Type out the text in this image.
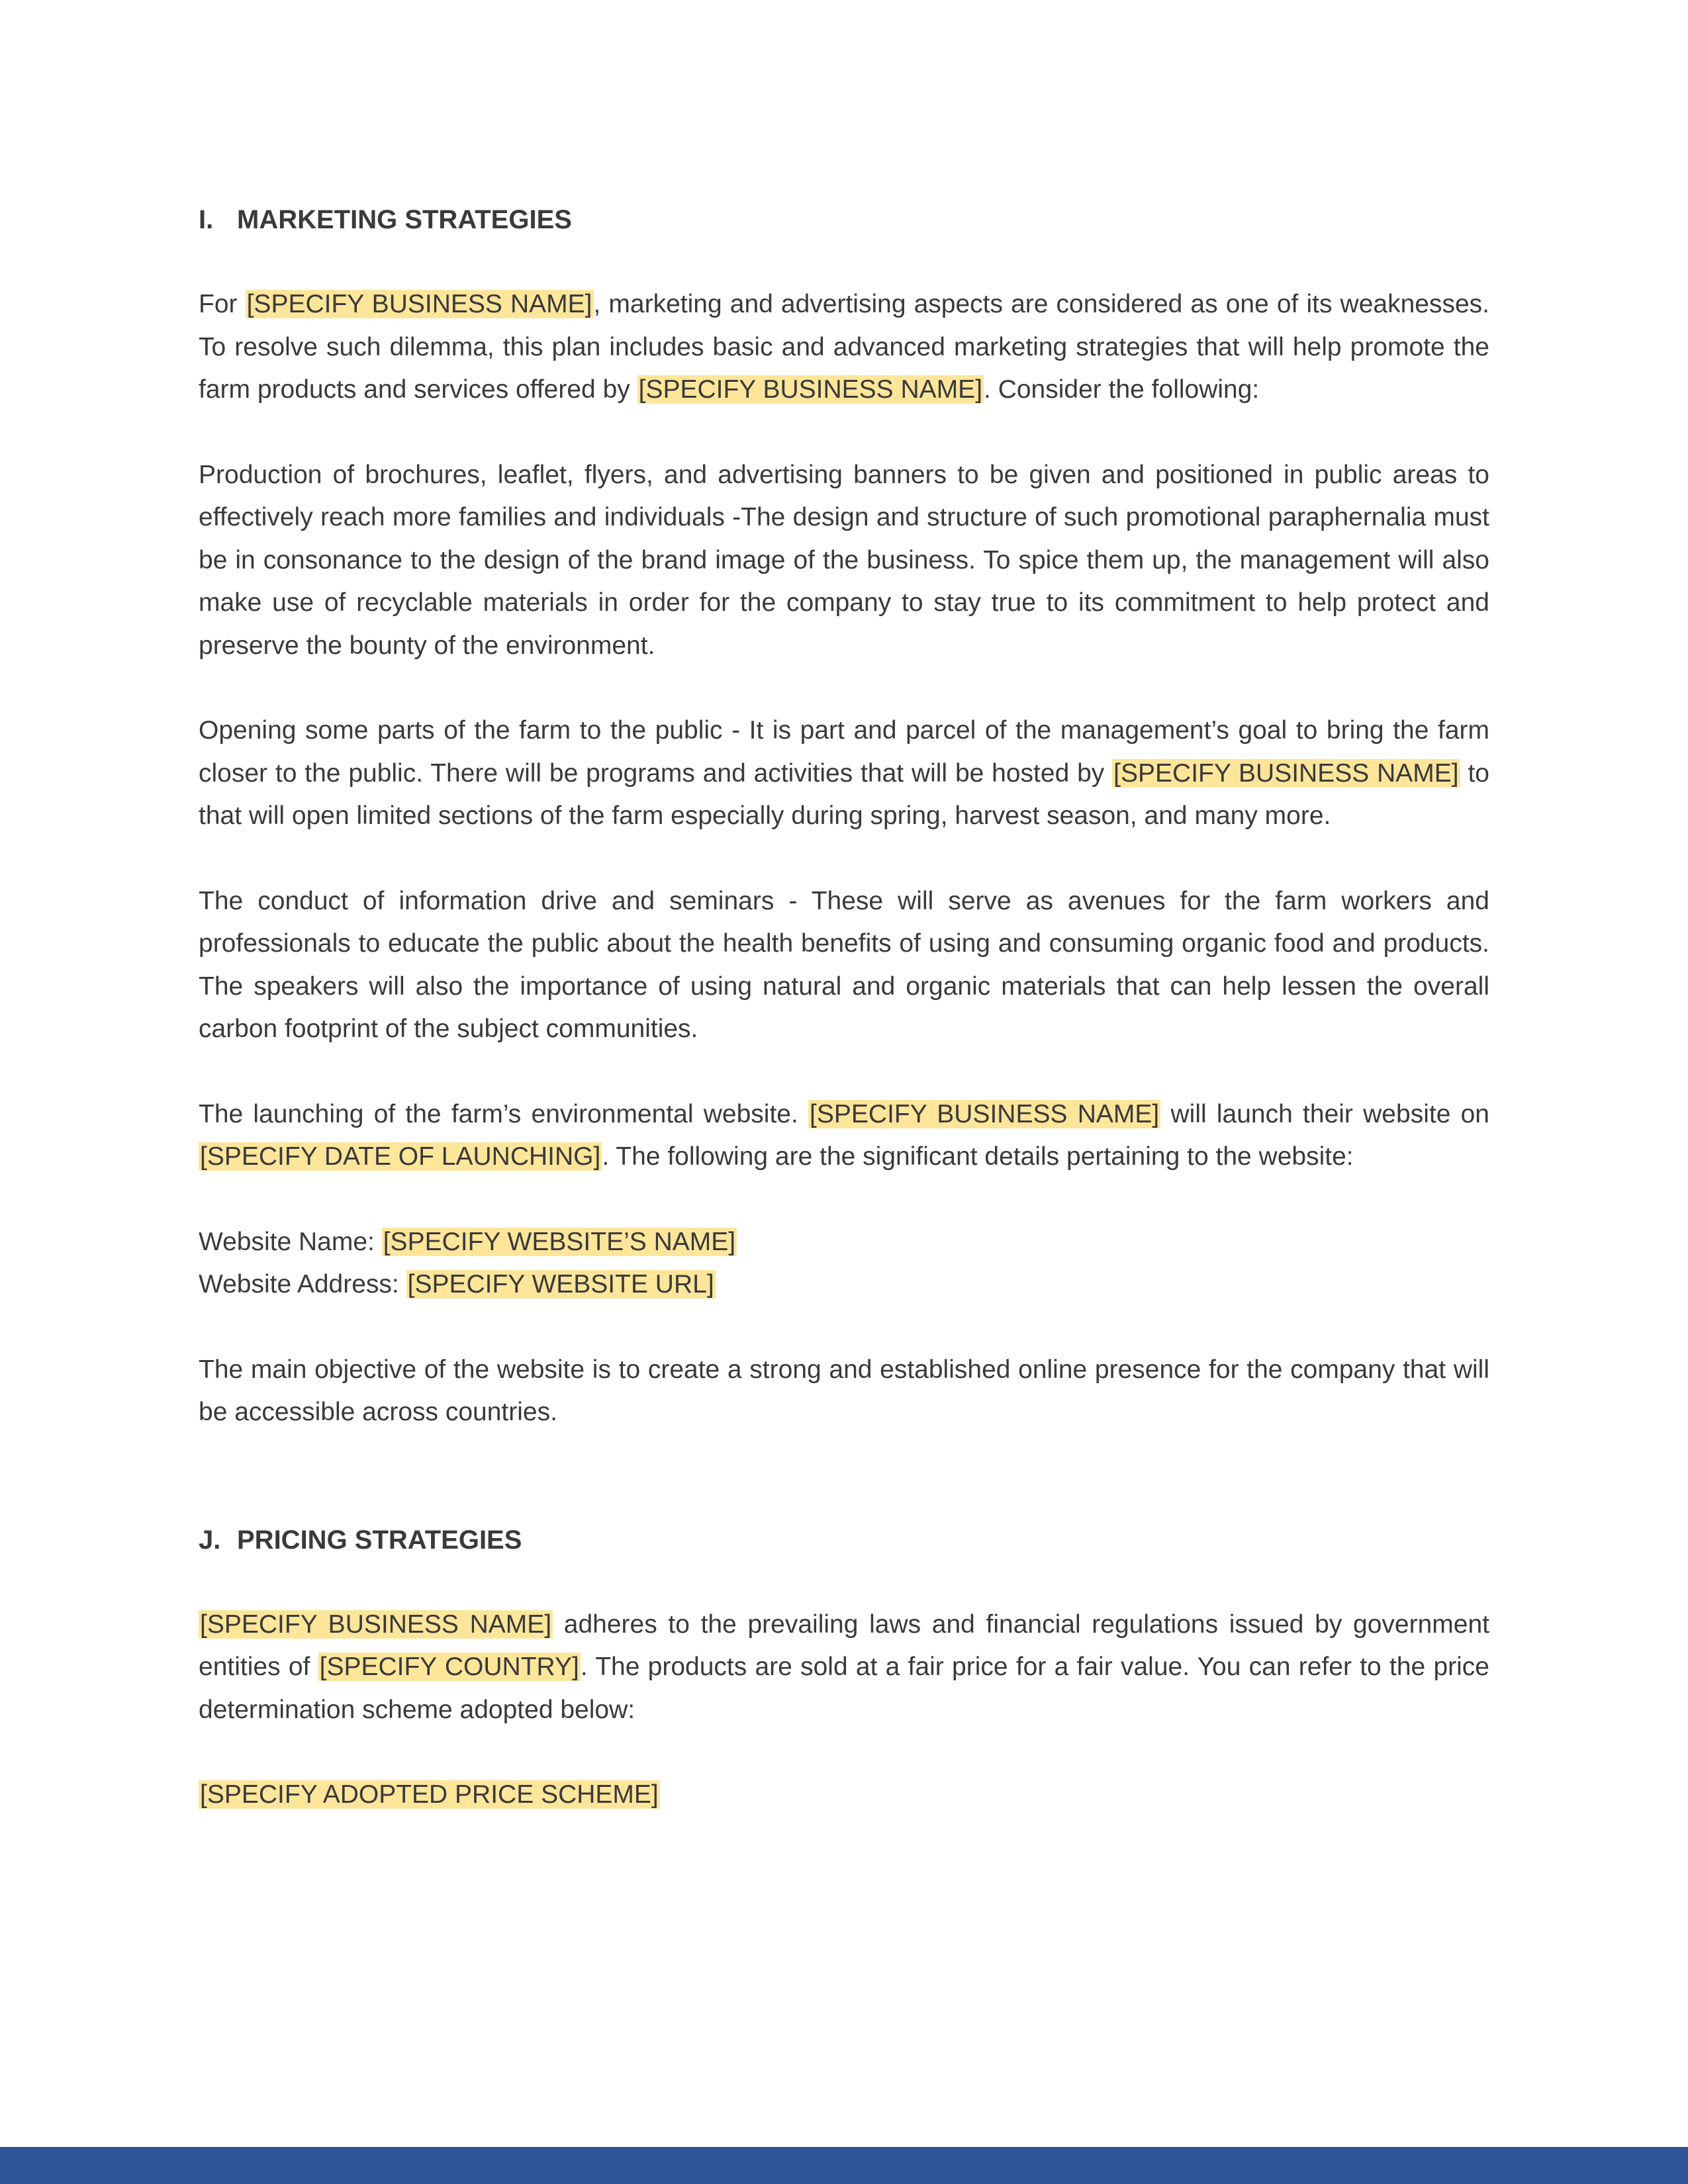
I. MARKETING STRATEGIES

For [SPECIFY BUSINESS NAME], marketing and advertising aspects are considered as one of its weaknesses. To resolve such dilemma, this plan includes basic and advanced marketing strategies that will help promote the farm products and services offered by [SPECIFY BUSINESS NAME]. Consider the following:

Production of brochures, leaflet, flyers, and advertising banners to be given and positioned in public areas to effectively reach more families and individuals -The design and structure of such promotional paraphernalia must be in consonance to the design of the brand image of the business. To spice them up, the management will also make use of recyclable materials in order for the company to stay true to its commitment to help protect and preserve the bounty of the environment.

Opening some parts of the farm to the public - It is part and parcel of the management’s goal to bring the farm closer to the public. There will be programs and activities that will be hosted by [SPECIFY BUSINESS NAME] to that will open limited sections of the farm especially during spring, harvest season, and many more.

The conduct of information drive and seminars - These will serve as avenues for the farm workers and professionals to educate the public about the health benefits of using and consuming organic food and products. The speakers will also the importance of using natural and organic materials that can help lessen the overall carbon footprint of the subject communities.

The launching of the farm’s environmental website. [SPECIFY BUSINESS NAME] will launch their website on [SPECIFY DATE OF LAUNCHING]. The following are the significant details pertaining to the website:

Website Name: [SPECIFY WEBSITE’S NAME]

Website Address: [SPECIFY WEBSITE URL]

The main objective of the website is to create a strong and established online presence for the company that will be accessible across countries.

J. PRICING STRATEGIES

[SPECIFY BUSINESS NAME] adheres to the prevailing laws and financial regulations issued by government entities of [SPECIFY COUNTRY]. The products are sold at a fair price for a fair value. You can refer to the price determination scheme adopted below:

[SPECIFY ADOPTED PRICE SCHEME]
